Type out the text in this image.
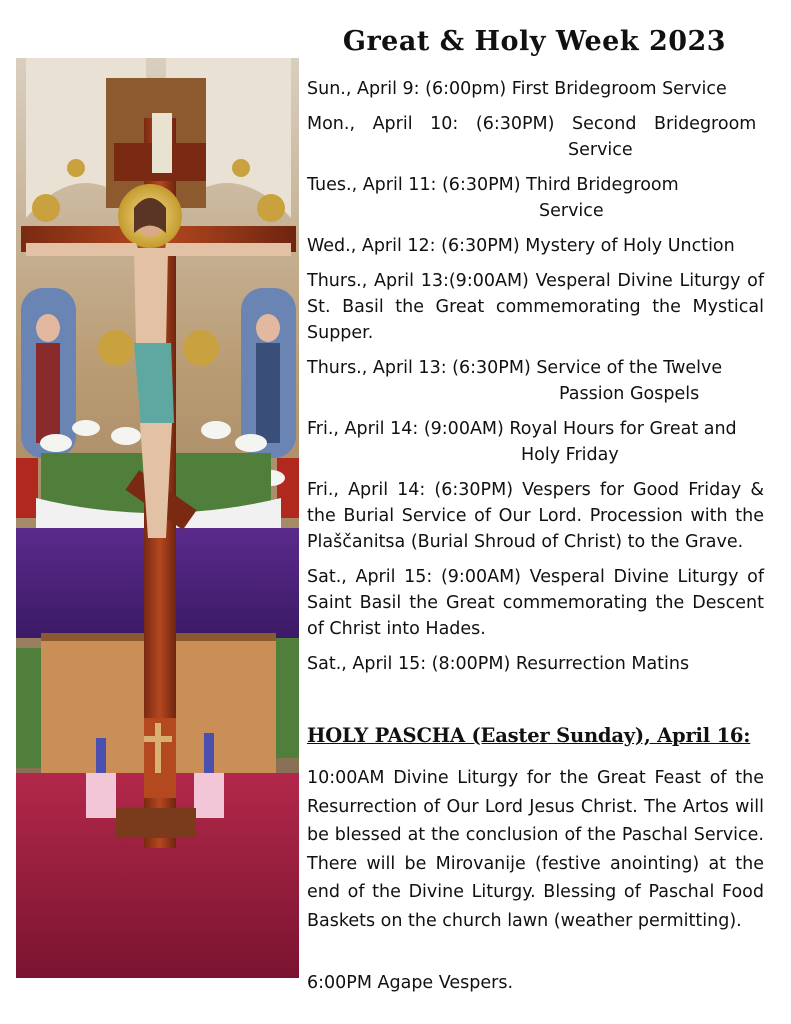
Great & Holy Week 2023
Sun., April 9: (6:00pm) First Bridegroom Service
Mon., April 10: (6:30PM) Second Bridegroom
Service
Tues., April 11: (6:30PM) Third Bridegroom
Service
Wed., April 12: (6:30PM) Mystery of Holy Unction
Thurs., April 13:(9:00AM) Vesperal Divine Liturgy of St. Basil the Great commemorating the Mystical Supper.
Thurs., April 13: (6:30PM) Service of the Twelve
Passion Gospels
Fri., April 14: (9:00AM) Royal Hours for Great and
Holy Friday
Fri., April 14: (6:30PM) Vespers for Good Friday & the Burial Service of Our Lord. Procession with the Plaščanitsa (Burial Shroud of Christ) to the Grave.
Sat., April 15: (9:00AM) Vesperal Divine Liturgy of Saint Basil the Great commemorating the Descent of Christ into Hades.
Sat., April 15: (8:00PM) Resurrection Matins
HOLY PASCHA (Easter Sunday), April 16:
10:00AM Divine Liturgy for the Great Feast of the Resurrection of Our Lord Jesus Christ. The Artos will be blessed at the conclusion of the Paschal Service. There will be Mirovanije (festive anointing) at the end of the Divine Liturgy. Blessing of Paschal Food Baskets on the church lawn (weather permitting).
6:00PM Agape Vespers.
